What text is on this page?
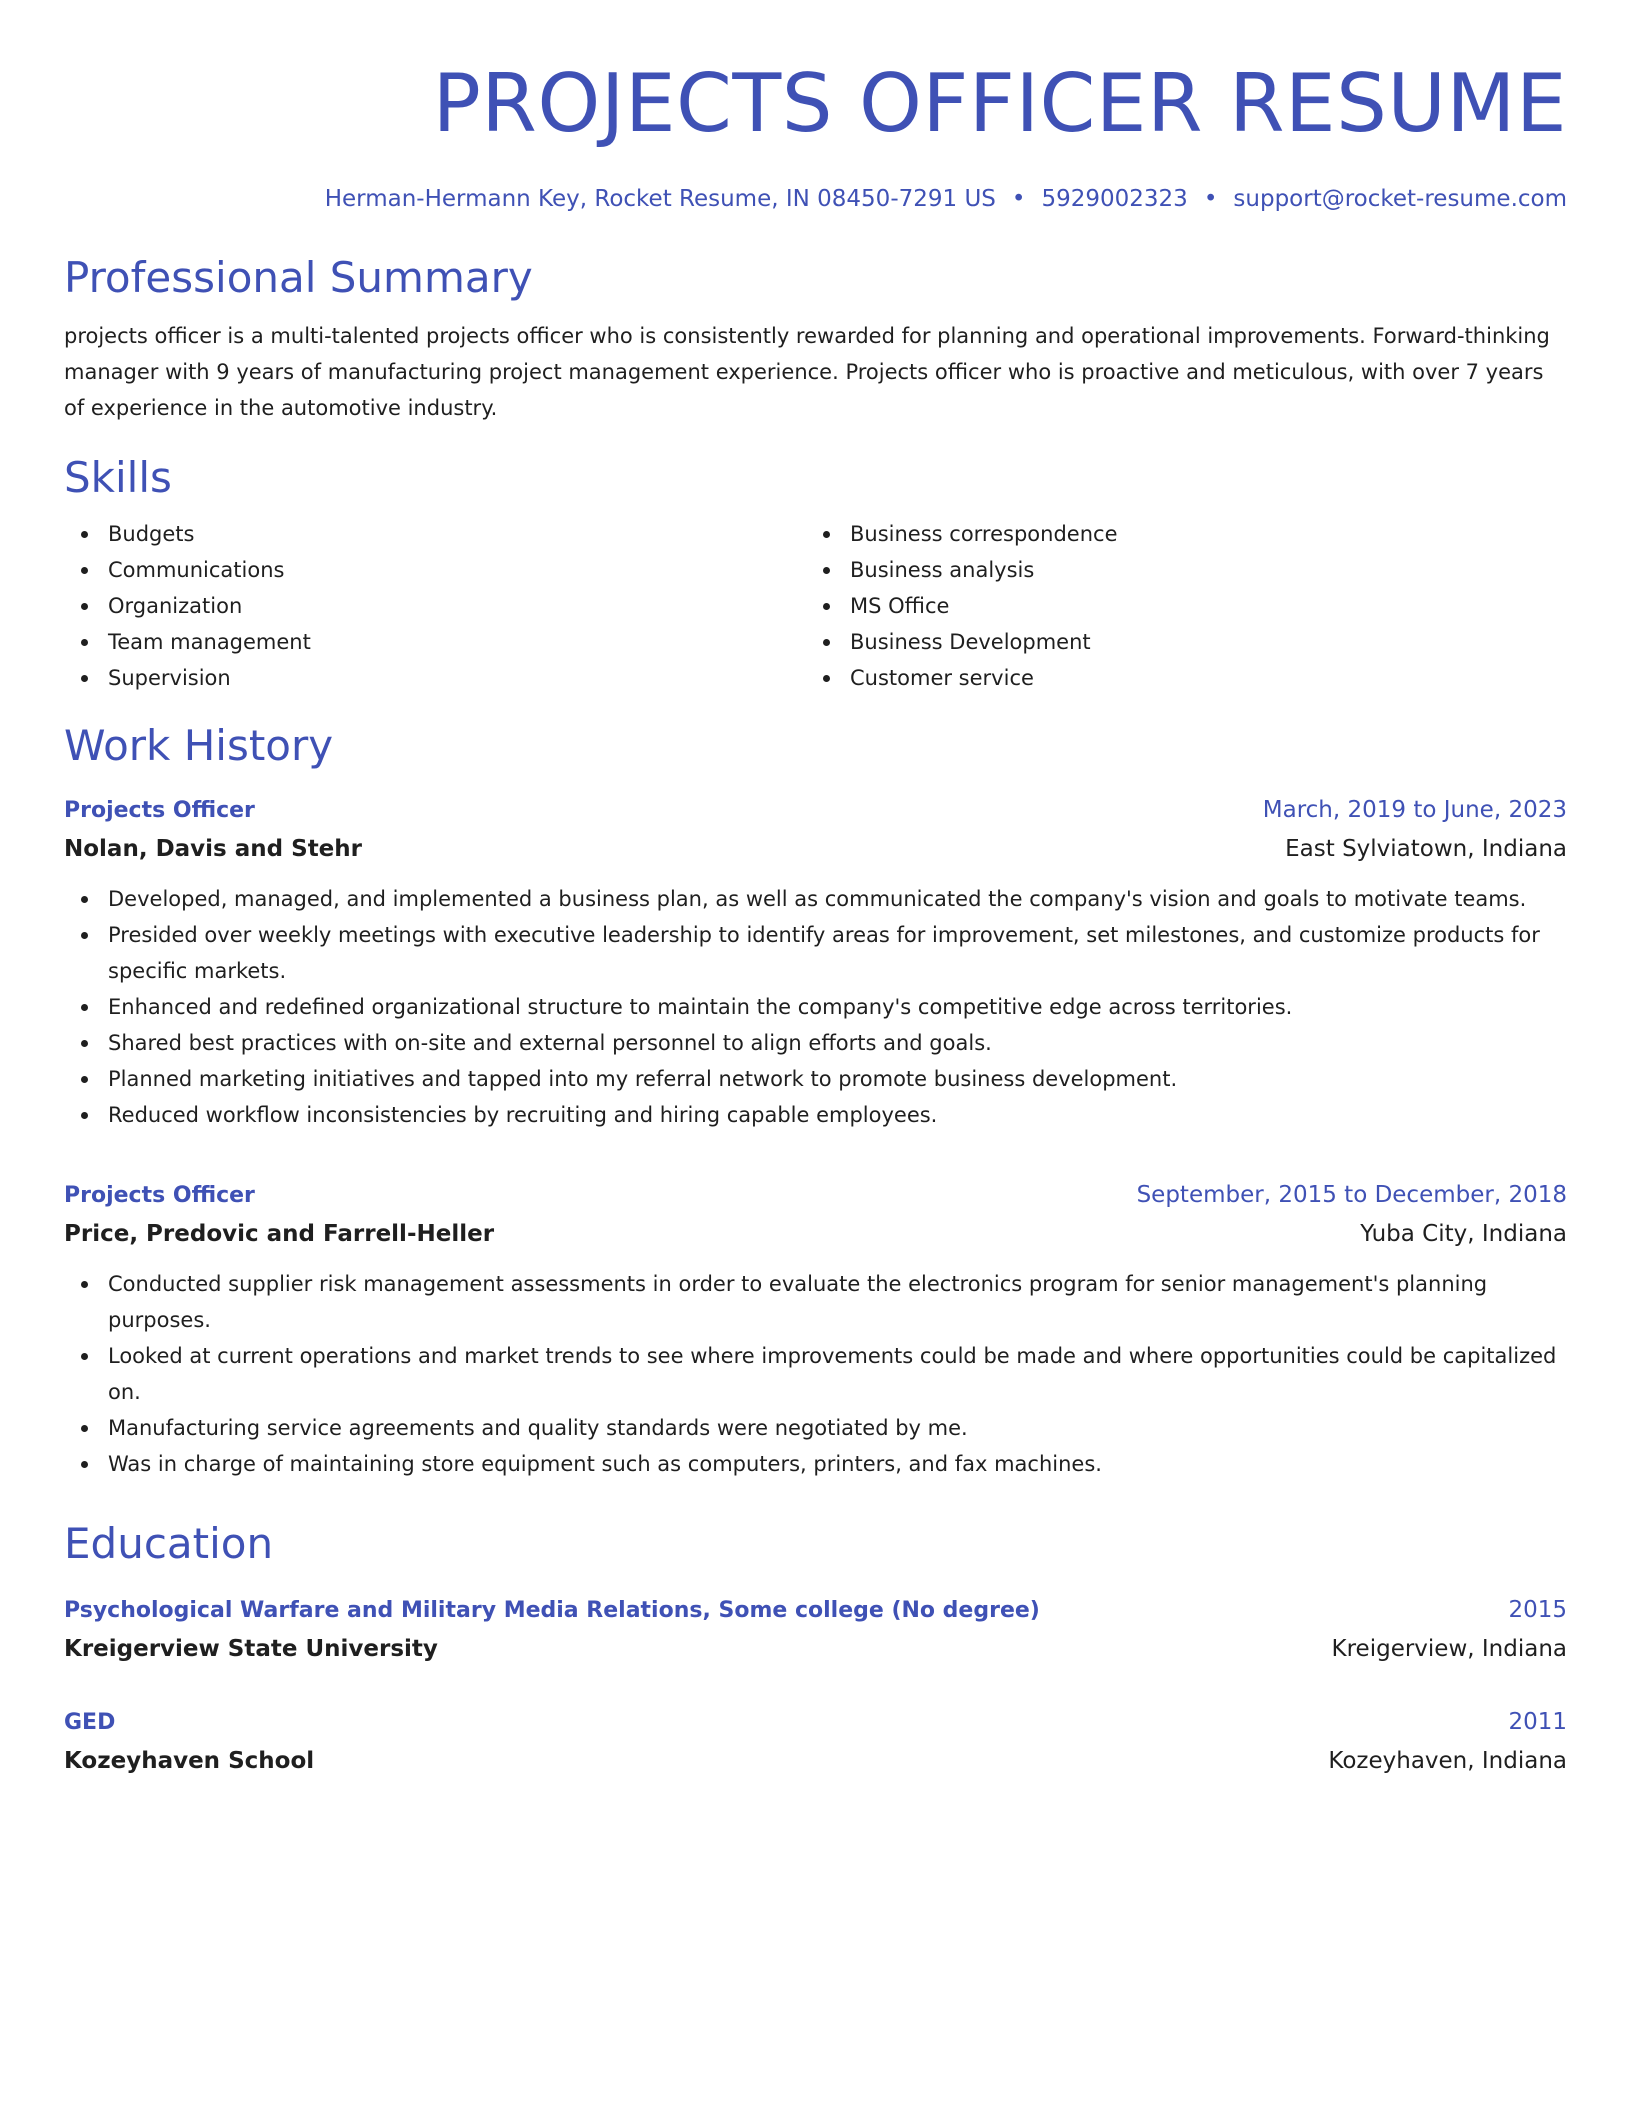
PROJECTS OFFICER RESUME
Herman-Hermann Key, Rocket Resume, IN 08450-7291 US • 5929002323 • support@rocket-resume.com
Professional Summary

projects officer is a multi-talented projects officer who is consistently rewarded for planning and operational improvements. Forward-thinking manager with 9 years of manufacturing project management experience. Projects officer who is proactive and meticulous, with over 7 years of experience in the automotive industry.

Skills
Budgets
Communications
Organization
Team management
Supervision
Business correspondence
Business analysis
MS Office
Business Development
Customer service
Work History
Projects Officer	March, 2019 to June, 2023
Nolan, Davis and Stehr	East Sylviatown, Indiana
Developed, managed, and implemented a business plan, as well as communicated the company's vision and goals to motivate teams.
Presided over weekly meetings with executive leadership to identify areas for improvement, set milestones, and customize products for specific markets.
Enhanced and redefined organizational structure to maintain the company's competitive edge across territories.
Shared best practices with on-site and external personnel to align efforts and goals.
Planned marketing initiatives and tapped into my referral network to promote business development.
Reduced workflow inconsistencies by recruiting and hiring capable employees.
Projects Officer	September, 2015 to December, 2018
Price, Predovic and Farrell-Heller	Yuba City, Indiana
Conducted supplier risk management assessments in order to evaluate the electronics program for senior management's planning purposes.
Looked at current operations and market trends to see where improvements could be made and where opportunities could be capitalized on.
Manufacturing service agreements and quality standards were negotiated by me.
Was in charge of maintaining store equipment such as computers, printers, and fax machines.
Education
Psychological Warfare and Military Media Relations, Some college (No degree)	2015
Kreigerview State University	Kreigerview, Indiana
GED	2011
Kozeyhaven School	Kozeyhaven, Indiana
